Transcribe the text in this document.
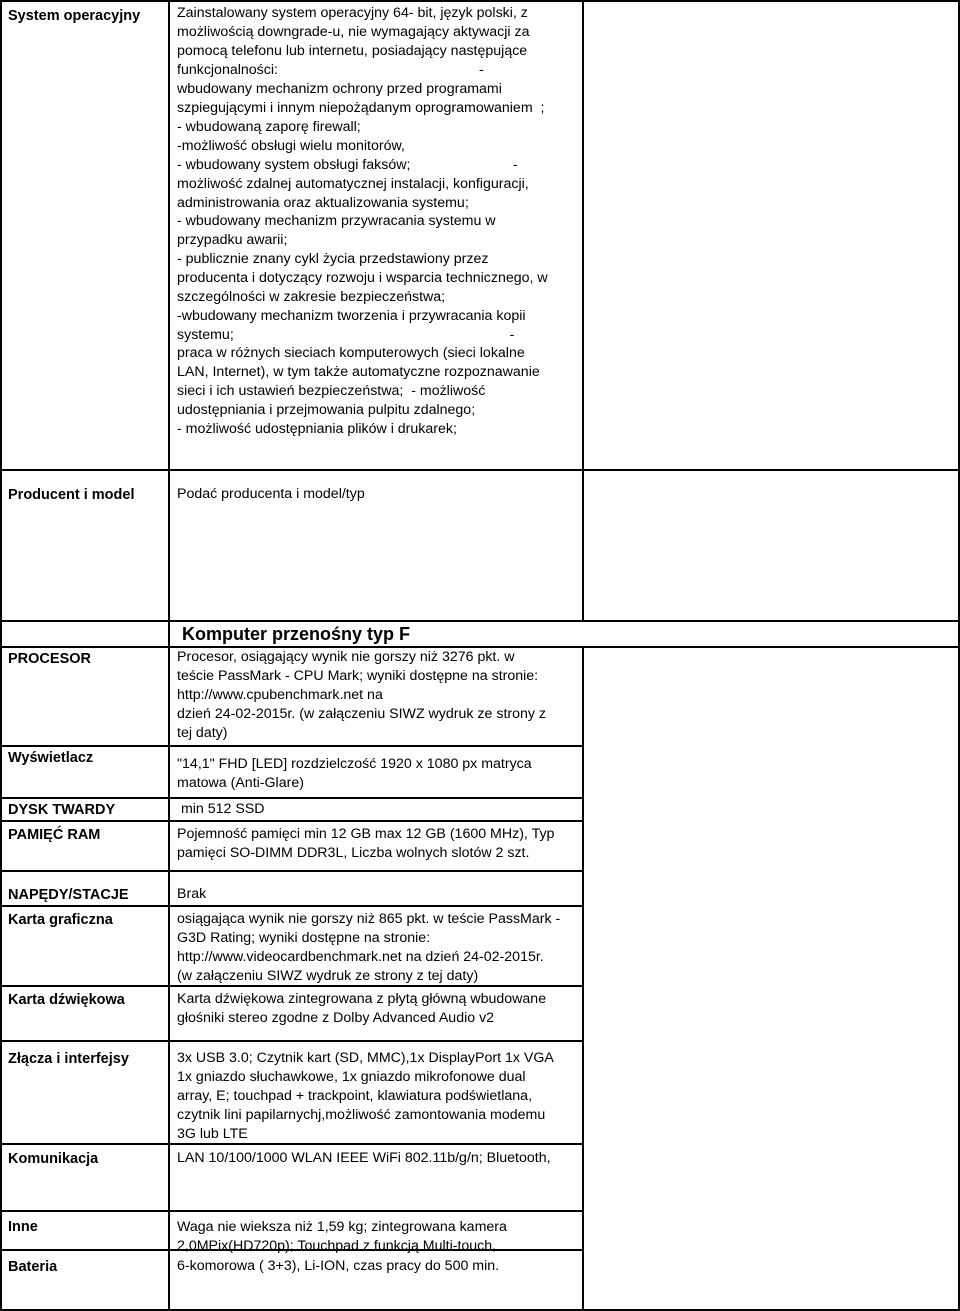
System operacyjny	Zainstalowany system operacyjny 64- bit, język polski, z
możliwością downgrade-u, nie wymagający aktywacji za
pomocą telefonu lub internetu, posiadający następujące
funkcjonalności:                                                   -
wbudowany mechanizm ochrony przed programami
szpiegującymi i innym niepożądanym oprogramowaniem  ;
- wbudowaną zaporę firewall;
-możliwość obsługi wielu monitorów,
- wbudowany system obsługi faksów;                          -
możliwość zdalnej automatycznej instalacji, konfiguracji,
administrowania oraz aktualizowania systemu;
- wbudowany mechanizm przywracania systemu w
przypadku awarii;
- publicznie znany cykl życia przedstawiony przez
producenta i dotyczący rozwoju i wsparcia technicznego, w
szczególności w zakresie bezpieczeństwa;
-wbudowany mechanizm tworzenia i przywracania kopii
systemu;                                                                      -
praca w różnych sieciach komputerowych (sieci lokalne
LAN, Internet), w tym także automatyczne rozpoznawanie
sieci i ich ustawień bezpieczeństwa;  - możliwość
udostępniania i przejmowania pulpitu zdalnego;
- możliwość udostępniania plików i drukarek;
Producent i model	Podać producenta i model/typ
Komputer przenośny typ F
PROCESOR	Procesor, osiągający wynik nie gorszy niż 3276 pkt. w
teście PassMark - CPU Mark; wyniki dostępne na stronie:
http://www.cpubenchmark.net na
dzień 24-02-2015r. (w załączeniu SIWZ wydruk ze strony z
tej daty)
Wyświetlacz	"14,1" FHD [LED] rozdzielczość 1920 x 1080 px matryca
matowa (Anti-Glare)
DYSK TWARDY	min 512 SSD
PAMIĘĆ RAM	Pojemność pamięci min 12 GB max 12 GB (1600 MHz), Typ
pamięci SO-DIMM DDR3L, Liczba wolnych slotów 2 szt.
NAPĘDY/STACJE	Brak
Karta graficzna	osiągająca wynik nie gorszy niż 865 pkt. w teście PassMark -
G3D Rating; wyniki dostępne na stronie:
http://www.videocardbenchmark.net na dzień 24-02-2015r.
(w załączeniu SIWZ wydruk ze strony z tej daty)
Karta dźwiękowa	Karta dźwiękowa zintegrowana z płytą główną wbudowane
głośniki stereo zgodne z Dolby Advanced Audio v2
Złącza i interfejsy	3x USB 3.0; Czytnik kart (SD, MMC),1x DisplayPort 1x VGA
1x gniazdo słuchawkowe, 1x gniazdo mikrofonowe dual
array, E; touchpad + trackpoint, klawiatura podświetlana,
czytnik lini papilarnychj,możliwość zamontowania modemu
3G lub LTE
Komunikacja	LAN 10/100/1000 WLAN IEEE WiFi 802.11b/g/n; Bluetooth,
Inne	Waga nie wieksza niż 1,59 kg; zintegrowana kamera
2,0MPix(HD720p); Touchpad z funkcją Multi-touch,
Bateria	6-komorowa ( 3+3), Li-ION, czas pracy do 500 min.
